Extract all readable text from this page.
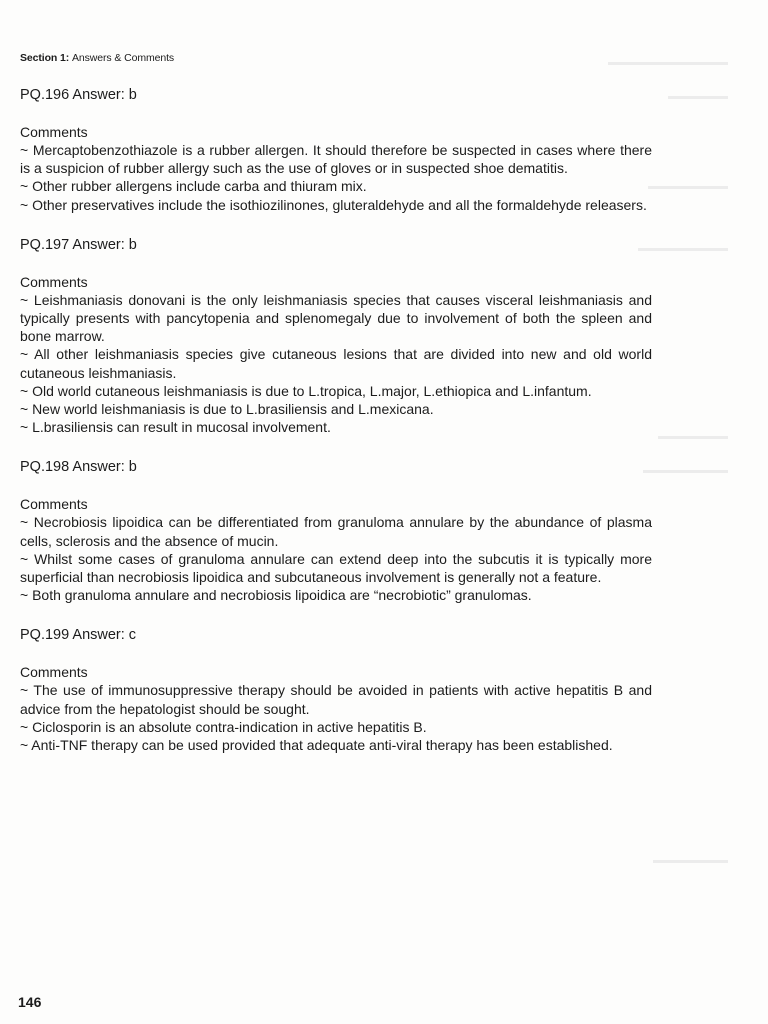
Section 1: Answers & Comments
PQ.196 Answer: b
Comments
~ Mercaptobenzothiazole is a rubber allergen. It should therefore be suspected in cases where there is a suspicion of rubber allergy such as the use of gloves or in suspected shoe dematitis.
~ Other rubber allergens include carba and thiuram mix.
~ Other preservatives include the isothiozilinones, gluteraldehyde and all the formaldehyde releasers.
PQ.197 Answer: b
Comments
~ Leishmaniasis donovani is the only leishmaniasis species that causes visceral leishmaniasis and typically presents with pancytopenia and splenomegaly due to involvement of both the spleen and bone marrow.
~ All other leishmaniasis species give cutaneous lesions that are divided into new and old world cutaneous leishmaniasis.
~ Old world cutaneous leishmaniasis is due to L.tropica, L.major, L.ethiopica and L.infantum.
~ New world leishmaniasis is due to L.brasiliensis and L.mexicana.
~ L.brasiliensis can result in mucosal involvement.
PQ.198 Answer: b
Comments
~ Necrobiosis lipoidica can be differentiated from granuloma annulare by the abundance of plasma cells, sclerosis and the absence of mucin.
~ Whilst some cases of granuloma annulare can extend deep into the subcutis it is typically more superficial than necrobiosis lipoidica and subcutaneous involvement is generally not a feature.
~ Both granuloma annulare and necrobiosis lipoidica are “necrobiotic” granulomas.
PQ.199 Answer: c
Comments
~ The use of immunosuppressive therapy should be avoided in patients with active hepatitis B and advice from the hepatologist should be sought.
~ Ciclosporin is an absolute contra-indication in active hepatitis B.
~ Anti-TNF therapy can be used provided that adequate anti-viral therapy has been established.
146
